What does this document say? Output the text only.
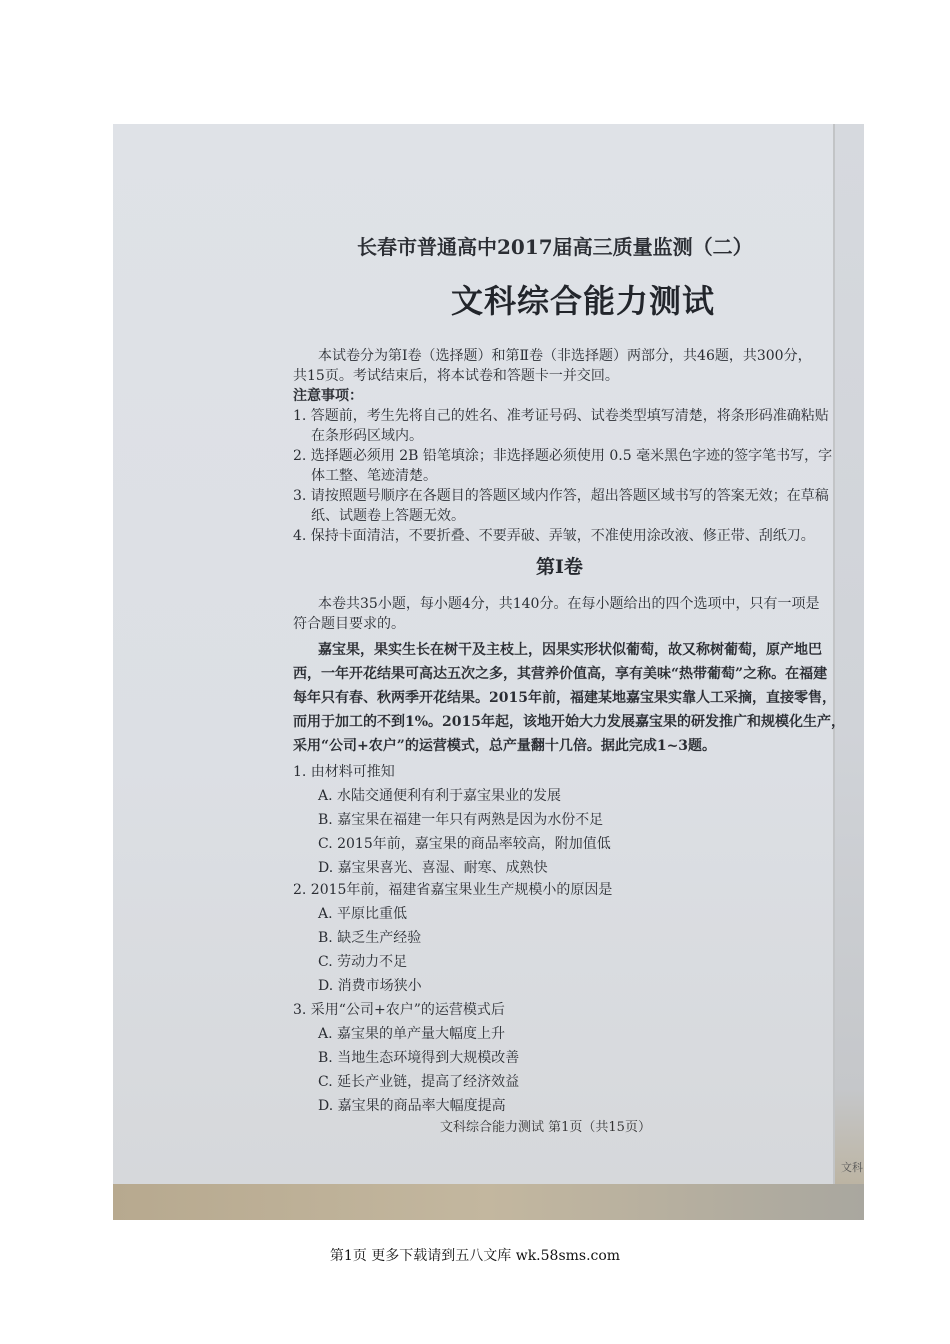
长春市普通高中2017届高三质量监测（二）
文科综合能力测试
本试卷分为第Ⅰ卷（选择题）和第Ⅱ卷（非选择题）两部分，共46题，共300分，
共15页。考试结束后，将本试卷和答题卡一并交回。
注意事项：
1. 答题前，考生先将自己的姓名、准考证号码、试卷类型填写清楚，将条形码准确粘贴
在条形码区域内。
2. 选择题必须用 2B 铅笔填涂；非选择题必须使用 0.5 毫米黑色字迹的签字笔书写，字
体工整、笔迹清楚。
3. 请按照题号顺序在各题目的答题区域内作答，超出答题区域书写的答案无效；在草稿
纸、试题卷上答题无效。
4. 保持卡面清洁，不要折叠、不要弄破、弄皱，不准使用涂改液、修正带、刮纸刀。
第Ⅰ卷
本卷共35小题，每小题4分，共140分。在每小题给出的四个选项中，只有一项是
符合题目要求的。
嘉宝果，果实生长在树干及主枝上，因果实形状似葡萄，故又称树葡萄，原产地巴
西，一年开花结果可高达五次之多，其营养价值高，享有美味“热带葡萄”之称。在福建
每年只有春、秋两季开花结果。2015年前，福建某地嘉宝果实靠人工采摘，直接零售，
而用于加工的不到1%。2015年起，该地开始大力发展嘉宝果的研发推广和规模化生产，
采用“公司+农户”的运营模式，总产量翻十几倍。据此完成1~3题。
1. 由材料可推知
A. 水陆交通便利有利于嘉宝果业的发展
B. 嘉宝果在福建一年只有两熟是因为水份不足
C. 2015年前，嘉宝果的商品率较高，附加值低
D. 嘉宝果喜光、喜湿、耐寒、成熟快
2. 2015年前，福建省嘉宝果业生产规模小的原因是
A. 平原比重低
B. 缺乏生产经验
C. 劳动力不足
D. 消费市场狭小
3. 采用“公司+农户”的运营模式后
A. 嘉宝果的单产量大幅度上升
B. 当地生态环境得到大规模改善
C. 延长产业链，提高了经济效益
D. 嘉宝果的商品率大幅度提高
文科综合能力测试 第1页（共15页）
文科
第1页 更多下载请到五八文库 wk.58sms.com
